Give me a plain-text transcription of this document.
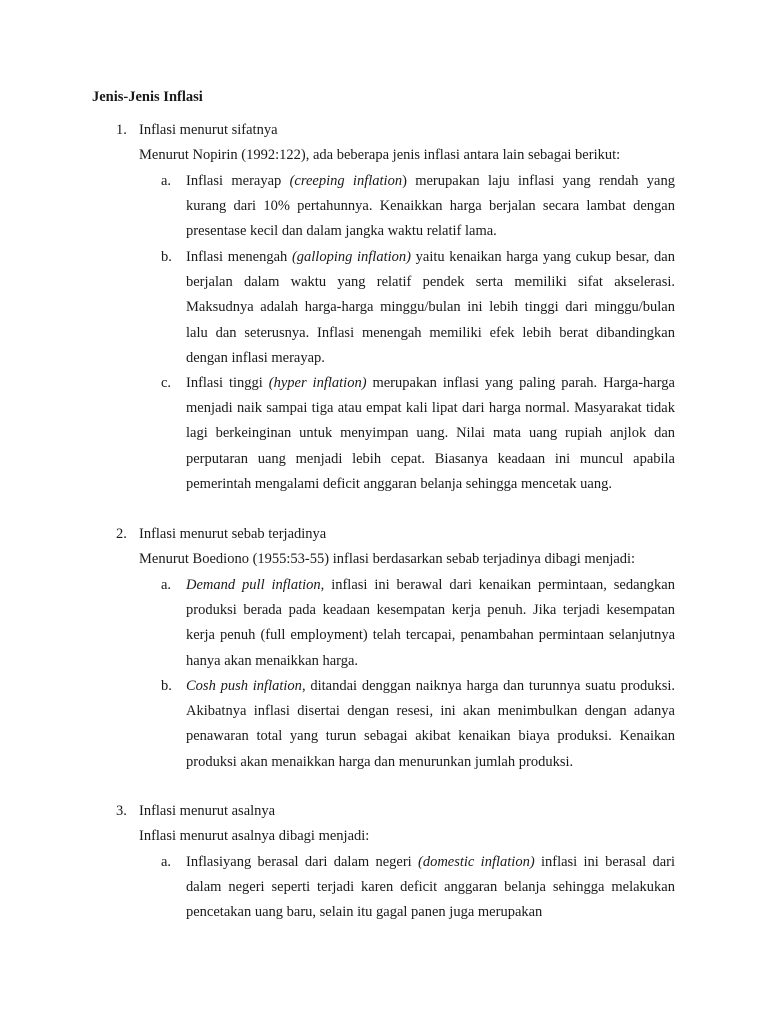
Jenis-Jenis Inflasi
1. Inflasi menurut sifatnya
Menurut Nopirin (1992:122), ada beberapa jenis inflasi antara lain sebagai berikut:
a. Inflasi merayap (creeping inflation) merupakan laju inflasi yang rendah yang kurang dari 10% pertahunnya. Kenaikkan harga berjalan secara lambat dengan presentase kecil dan dalam jangka waktu relatif lama.
b. Inflasi menengah (galloping inflation) yaitu kenaikan harga yang cukup besar, dan berjalan dalam waktu yang relatif pendek serta memiliki sifat akselerasi. Maksudnya adalah harga-harga minggu/bulan ini lebih tinggi dari minggu/bulan lalu dan seterusnya. Inflasi menengah memiliki efek lebih berat dibandingkan dengan inflasi merayap.
c. Inflasi tinggi (hyper inflation) merupakan inflasi yang paling parah. Harga-harga menjadi naik sampai tiga atau empat kali lipat dari harga normal. Masyarakat tidak lagi berkeinginan untuk menyimpan uang. Nilai mata uang rupiah anjlok dan perputaran uang menjadi lebih cepat. Biasanya keadaan ini muncul apabila pemerintah mengalami deficit anggaran belanja sehingga mencetak uang.
2. Inflasi menurut sebab terjadinya
Menurut Boediono (1955:53-55) inflasi berdasarkan sebab terjadinya dibagi menjadi:
a. Demand pull inflation, inflasi ini berawal dari kenaikan permintaan, sedangkan produksi berada pada keadaan kesempatan kerja penuh. Jika terjadi kesempatan kerja penuh (full employment) telah tercapai, penambahan permintaan selanjutnya hanya akan menaikkan harga.
b. Cosh push inflation, ditandai denggan naiknya harga dan turunnya suatu produksi. Akibatnya inflasi disertai dengan resesi, ini akan menimbulkan dengan adanya penawaran total yang turun sebagai akibat kenaikan biaya produksi. Kenaikan produksi akan menaikkan harga dan menurunkan jumlah produksi.
3. Inflasi menurut asalnya
Inflasi menurut asalnya dibagi menjadi:
a. Inflasiyang berasal dari dalam negeri (domestic inflation) inflasi ini berasal dari dalam negeri seperti terjadi karen deficit anggaran belanja sehingga melakukan pencetakan uang baru, selain itu gagal panen juga merupakan
